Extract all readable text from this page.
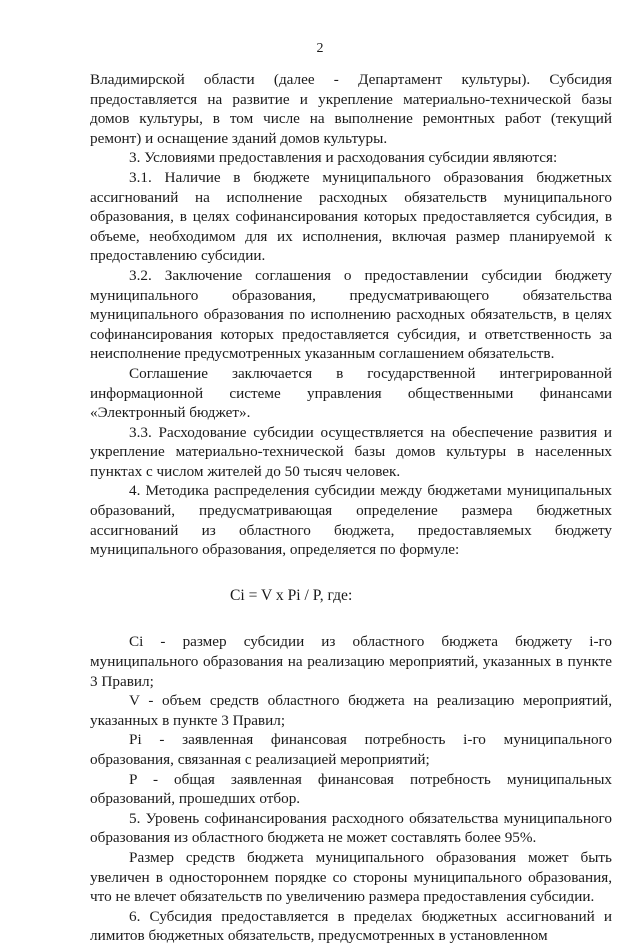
2

Владимирской области (далее - Департамент культуры). Субсидия предоставляется на развитие и укрепление материально-технической базы домов культуры, в том числе на выполнение ремонтных работ (текущий ремонт) и оснащение зданий домов культуры.

3. Условиями предоставления и расходования субсидии являются:

3.1. Наличие в бюджете муниципального образования бюджетных ассигнований на исполнение расходных обязательств муниципального образования, в целях софинансирования которых предоставляется субсидия, в объеме, необходимом для их исполнения, включая размер планируемой к предоставлению субсидии.

3.2. Заключение соглашения о предоставлении субсидии бюджету муниципального образования, предусматривающего обязательства муниципального образования по исполнению расходных обязательств, в целях софинансирования которых предоставляется субсидия, и ответственность за неисполнение предусмотренных указанным соглашением обязательств.

Соглашение заключается в государственной интегрированной информационной системе управления общественными финансами «Электронный бюджет».

3.3. Расходование субсидии осуществляется на обеспечение развития и укрепление материально-технической базы домов культуры в населенных пунктах с числом жителей до 50 тысяч человек.

4. Методика распределения субсидии между бюджетами муниципальных образований, предусматривающая определение размера бюджетных ассигнований из областного бюджета, предоставляемых бюджету муниципального образования, определяется по формуле:

Ci = V x Pi / P, где:

Ci - размер субсидии из областного бюджета бюджету i-го муниципального образования на реализацию мероприятий, указанных в пункте 3 Правил;

V - объем средств областного бюджета на реализацию мероприятий, указанных в пункте 3 Правил;

Pi - заявленная финансовая потребность i-го муниципального образования, связанная с реализацией мероприятий;

P - общая заявленная финансовая потребность муниципальных образований, прошедших отбор.

5. Уровень софинансирования расходного обязательства муниципального образования из областного бюджета не может составлять более 95%.

Размер средств бюджета муниципального образования может быть увеличен в одностороннем порядке со стороны муниципального образования, что не влечет обязательств по увеличению размера предоставления субсидии.

6. Субсидия предоставляется в пределах бюджетных ассигнований и лимитов бюджетных обязательств, предусмотренных в установленном
